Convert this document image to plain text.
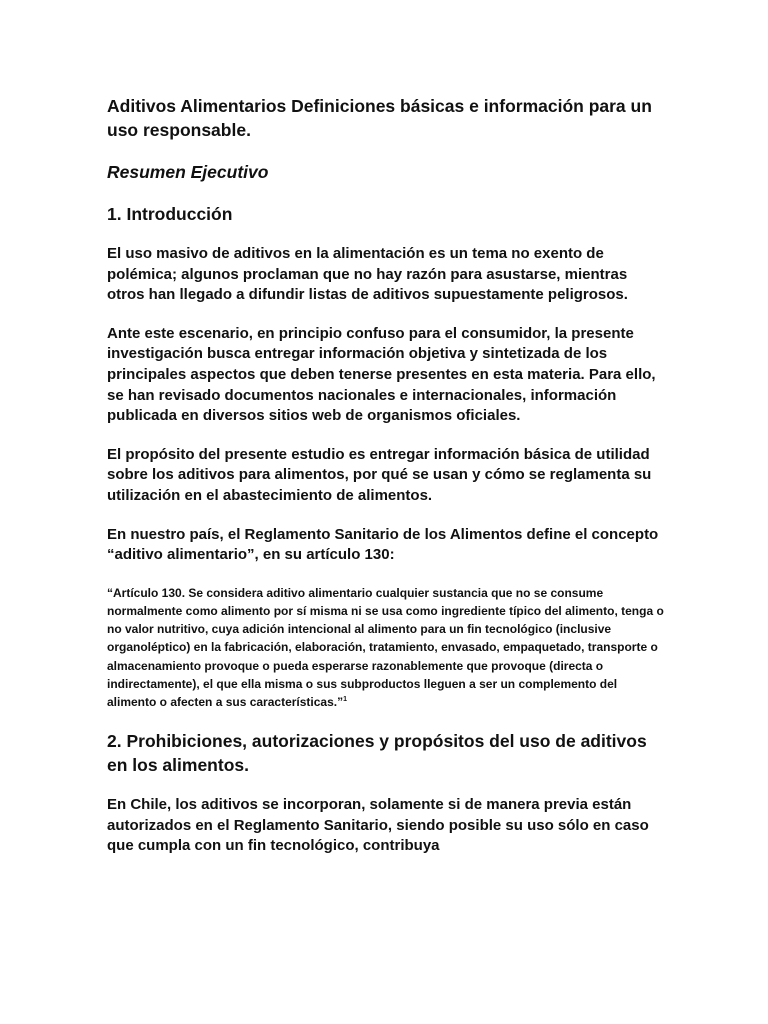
Aditivos Alimentarios Definiciones básicas e información para un uso responsable.
Resumen Ejecutivo
1. Introducción

El uso masivo de aditivos en la alimentación es un tema no exento de polémica; algunos proclaman que no hay razón para asustarse, mientras otros han llegado a difundir listas de aditivos supuestamente peligrosos.

Ante este escenario, en principio confuso para el consumidor, la presente investigación busca entregar información objetiva y sintetizada de los principales aspectos que deben tenerse presentes en esta materia. Para ello, se han revisado documentos nacionales e internacionales, información publicada en diversos sitios web de organismos oficiales.

El propósito del presente estudio es entregar información básica de utilidad sobre los aditivos para alimentos, por qué se usan y cómo se reglamenta su utilización en el abastecimiento de alimentos.

En nuestro país, el Reglamento Sanitario de los Alimentos define el concepto “aditivo alimentario”, en su artículo 130:

“Artículo 130. Se considera aditivo alimentario cualquier sustancia que no se consume normalmente como alimento por sí misma ni se usa como ingrediente típico del alimento, tenga o no valor nutritivo, cuya adición intencional al alimento para un fin tecnológico (inclusive organoléptico) en la fabricación, elaboración, tratamiento, envasado, empaquetado, transporte o almacenamiento provoque o pueda esperarse razonablemente que provoque (directa o indirectamente), el que ella misma o sus subproductos lleguen a ser un complemento del alimento o afecten a sus características.”$^1$

2. Prohibiciones, autorizaciones y propósitos del uso de aditivos en los alimentos.

En Chile, los aditivos se incorporan, solamente si de manera previa están autorizados en el Reglamento Sanitario, siendo posible su uso sólo en caso que cumpla con un fin tecnológico, contribuya
